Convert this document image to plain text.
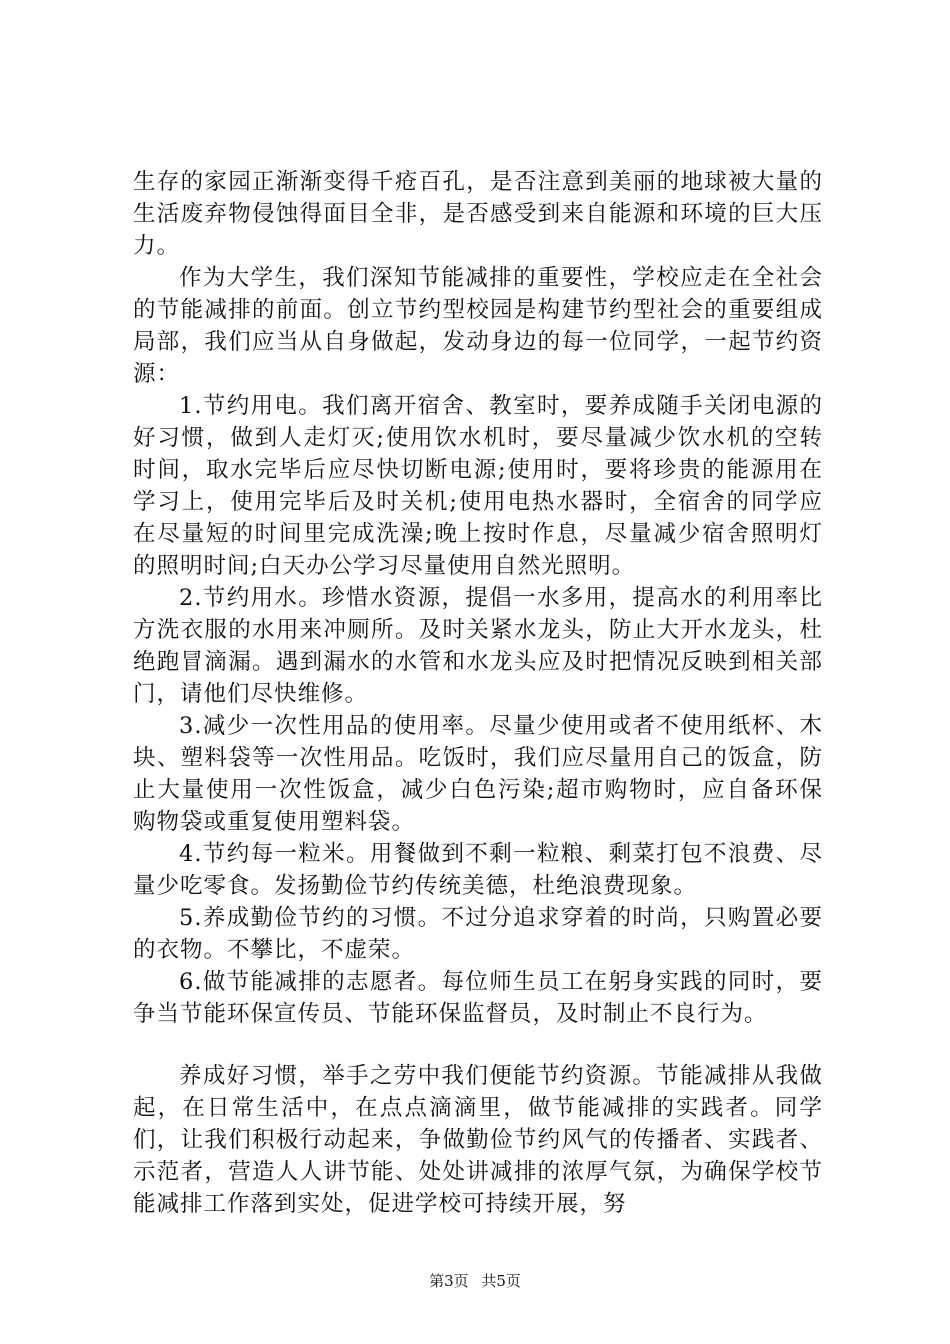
生存的家园正渐渐变得千疮百孔，是否注意到美丽的地球被大量的生活废弃物侵蚀得面目全非，是否感受到来自能源和环境的巨大压力。

作为大学生，我们深知节能减排的重要性，学校应走在全社会的节能减排的前面。创立节约型校园是构建节约型社会的重要组成局部，我们应当从自身做起，发动身边的每一位同学，一起节约资源：

1.节约用电。我们离开宿舍、教室时，要养成随手关闭电源的好习惯，做到人走灯灭;使用饮水机时，要尽量减少饮水机的空转时间，取水完毕后应尽快切断电源;使用时，要将珍贵的能源用在学习上，使用完毕后及时关机;使用电热水器时，全宿舍的同学应在尽量短的时间里完成洗澡;晚上按时作息，尽量减少宿舍照明灯的照明时间;白天办公学习尽量使用自然光照明。

2.节约用水。珍惜水资源，提倡一水多用，提高水的利用率比方洗衣服的水用来冲厕所。及时关紧水龙头，防止大开水龙头，杜绝跑冒滴漏。遇到漏水的水管和水龙头应及时把情况反映到相关部门，请他们尽快维修。

3.减少一次性用品的使用率。尽量少使用或者不使用纸杯、木块、塑料袋等一次性用品。吃饭时，我们应尽量用自己的饭盒，防止大量使用一次性饭盒，减少白色污染;超市购物时，应自备环保购物袋或重复使用塑料袋。

4.节约每一粒米。用餐做到不剩一粒粮、剩菜打包不浪费、尽量少吃零食。发扬勤俭节约传统美德，杜绝浪费现象。

5.养成勤俭节约的习惯。不过分追求穿着的时尚，只购置必要的衣物。不攀比，不虚荣。

6.做节能减排的志愿者。每位师生员工在躬身实践的同时，要争当节能环保宣传员、节能环保监督员，及时制止不良行为。

养成好习惯，举手之劳中我们便能节约资源。节能减排从我做起，在日常生活中，在点点滴滴里，做节能减排的实践者。同学们，让我们积极行动起来，争做勤俭节约风气的传播者、实践者、示范者，营造人人讲节能、处处讲减排的浓厚气氛，为确保学校节能减排工作落到实处，促进学校可持续开展，努

第3页 共5页
